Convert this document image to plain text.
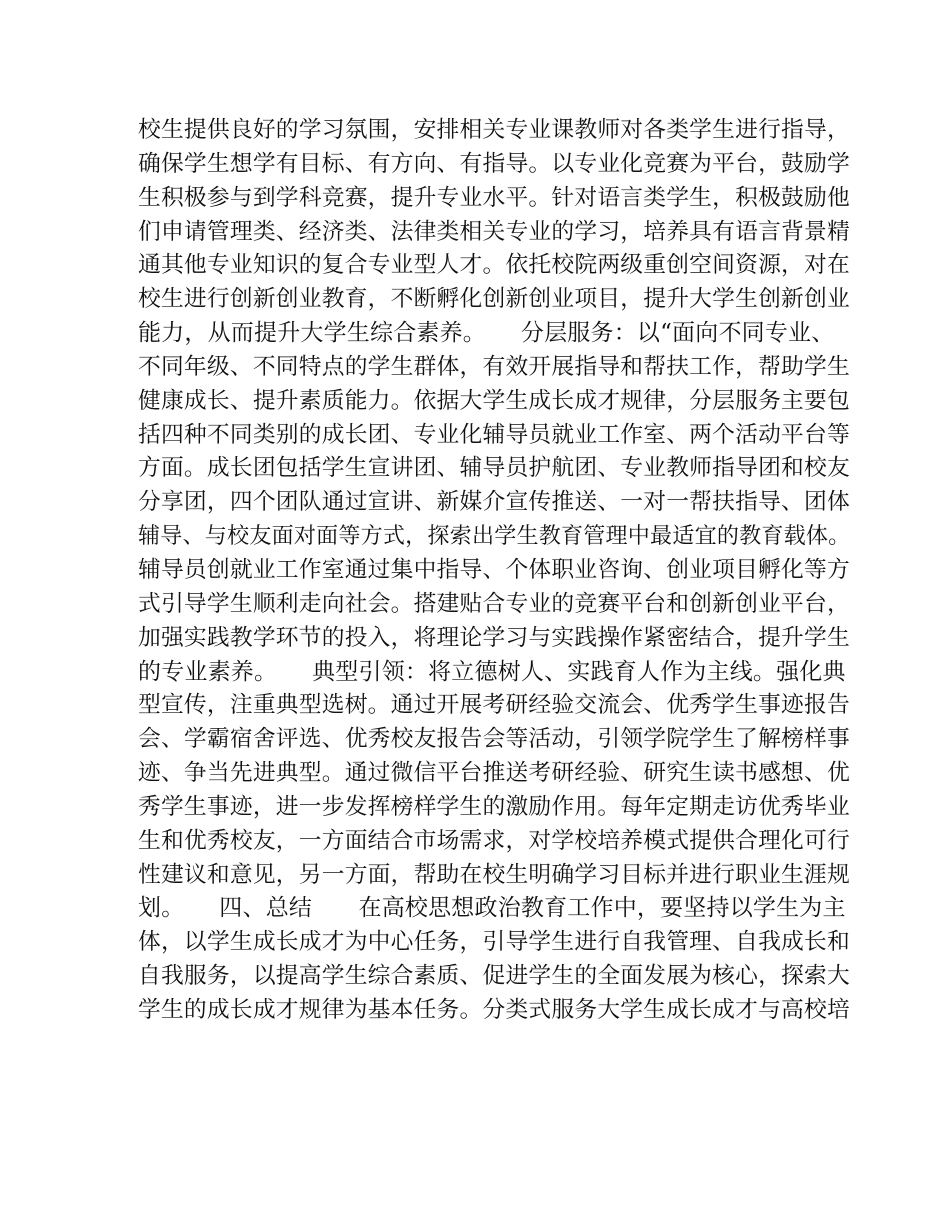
校生提供良好的学习氛围，安排相关专业课教师对各类学生进行指导，
确保学生想学有目标、有方向、有指导。以专业化竞赛为平台，鼓励学
生积极参与到学科竞赛，提升专业水平。针对语言类学生，积极鼓励他
们申请管理类、经济类、法律类相关专业的学习，培养具有语言背景精
通其他专业知识的复合专业型人才。依托校院两级重创空间资源，对在
校生进行创新创业教育，不断孵化创新创业项目，提升大学生创新创业
能力，从而提升大学生综合素养。　　分层服务：以“面向不同专业、
不同年级、不同特点的学生群体，有效开展指导和帮扶工作，帮助学生
健康成长、提升素质能力。依据大学生成长成才规律，分层服务主要包
括四种不同类别的成长团、专业化辅导员就业工作室、两个活动平台等
方面。成长团包括学生宣讲团、辅导员护航团、专业教师指导团和校友
分享团，四个团队通过宣讲、新媒介宣传推送、一对一帮扶指导、团体
辅导、与校友面对面等方式，探索出学生教育管理中最适宜的教育载体。
辅导员创就业工作室通过集中指导、个体职业咨询、创业项目孵化等方
式引导学生顺利走向社会。搭建贴合专业的竞赛平台和创新创业平台，
加强实践教学环节的投入，将理论学习与实践操作紧密结合，提升学生
的专业素养。　　典型引领：将立德树人、实践育人作为主线。强化典
型宣传，注重典型选树。通过开展考研经验交流会、优秀学生事迹报告
会、学霸宿舍评选、优秀校友报告会等活动，引领学院学生了解榜样事
迹、争当先进典型。通过微信平台推送考研经验、研究生读书感想、优
秀学生事迹，进一步发挥榜样学生的激励作用。每年定期走访优秀毕业
生和优秀校友，一方面结合市场需求，对学校培养模式提供合理化可行
性建议和意见，另一方面，帮助在校生明确学习目标并进行职业生涯规
划。　　四、总结　　在高校思想政治教育工作中，要坚持以学生为主
体，以学生成长成才为中心任务，引导学生进行自我管理、自我成长和
自我服务，以提高学生综合素质、促进学生的全面发展为核心，探索大
学生的成长成才规律为基本任务。分类式服务大学生成长成才与高校培
